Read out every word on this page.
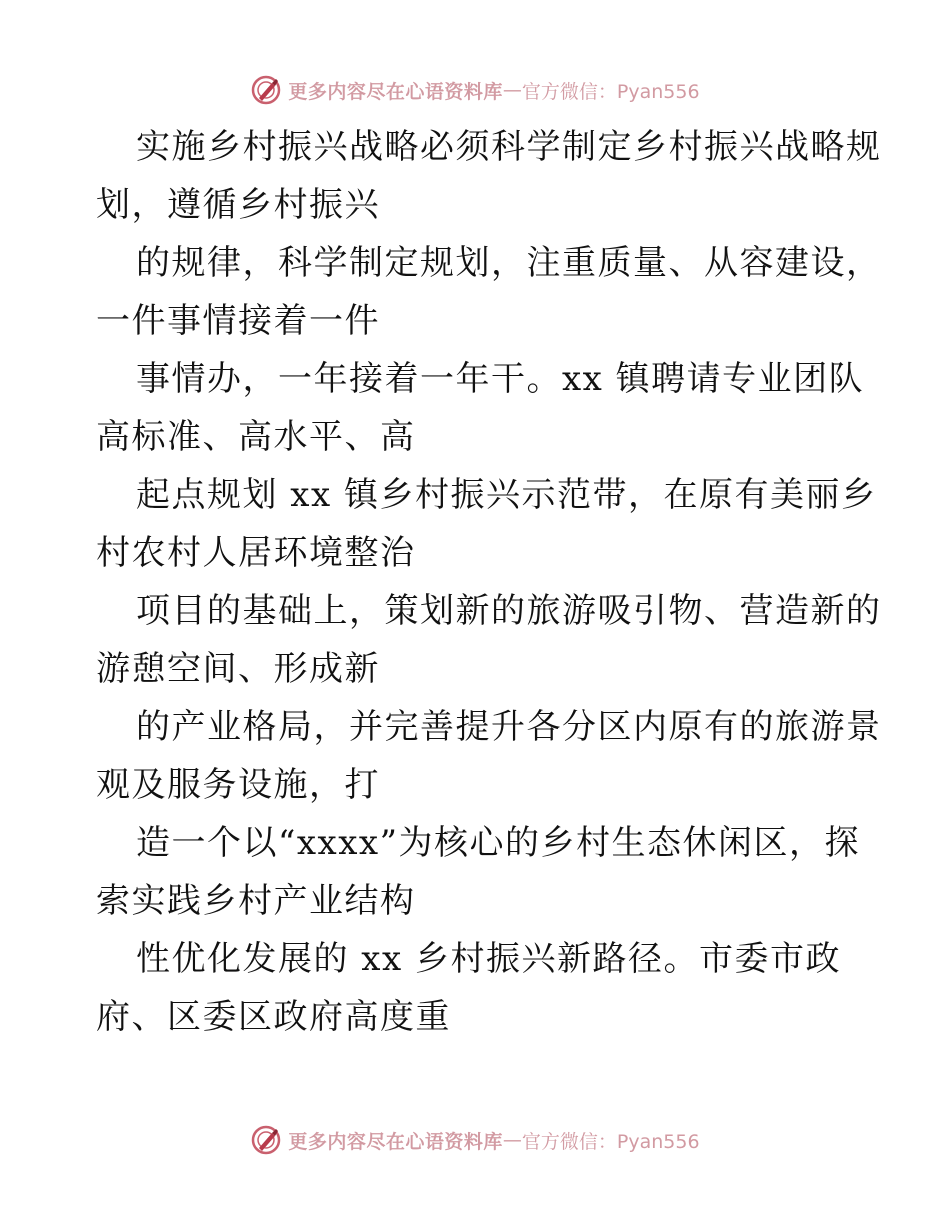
更多内容尽在心语资料库 — 官方微信：Pyan556

实施乡村振兴战略必须科学制定乡村振兴战略规
划，遵循乡村振兴

的规律，科学制定规划，注重质量、从容建设，
一件事情接着一件

事情办，一年接着一年干。xx 镇聘请专业团队
高标准、高水平、高

起点规划 xx 镇乡村振兴示范带，在原有美丽乡
村农村人居环境整治

项目的基础上，策划新的旅游吸引物、营造新的
游憩空间、形成新

的产业格局，并完善提升各分区内原有的旅游景
观及服务设施，打

造一个以“xxxx”为核心的乡村生态休闲区，探
索实践乡村产业结构

性优化发展的 xx 乡村振兴新路径。市委市政
府、区委区政府高度重

更多内容尽在心语资料库 — 官方微信：Pyan556
